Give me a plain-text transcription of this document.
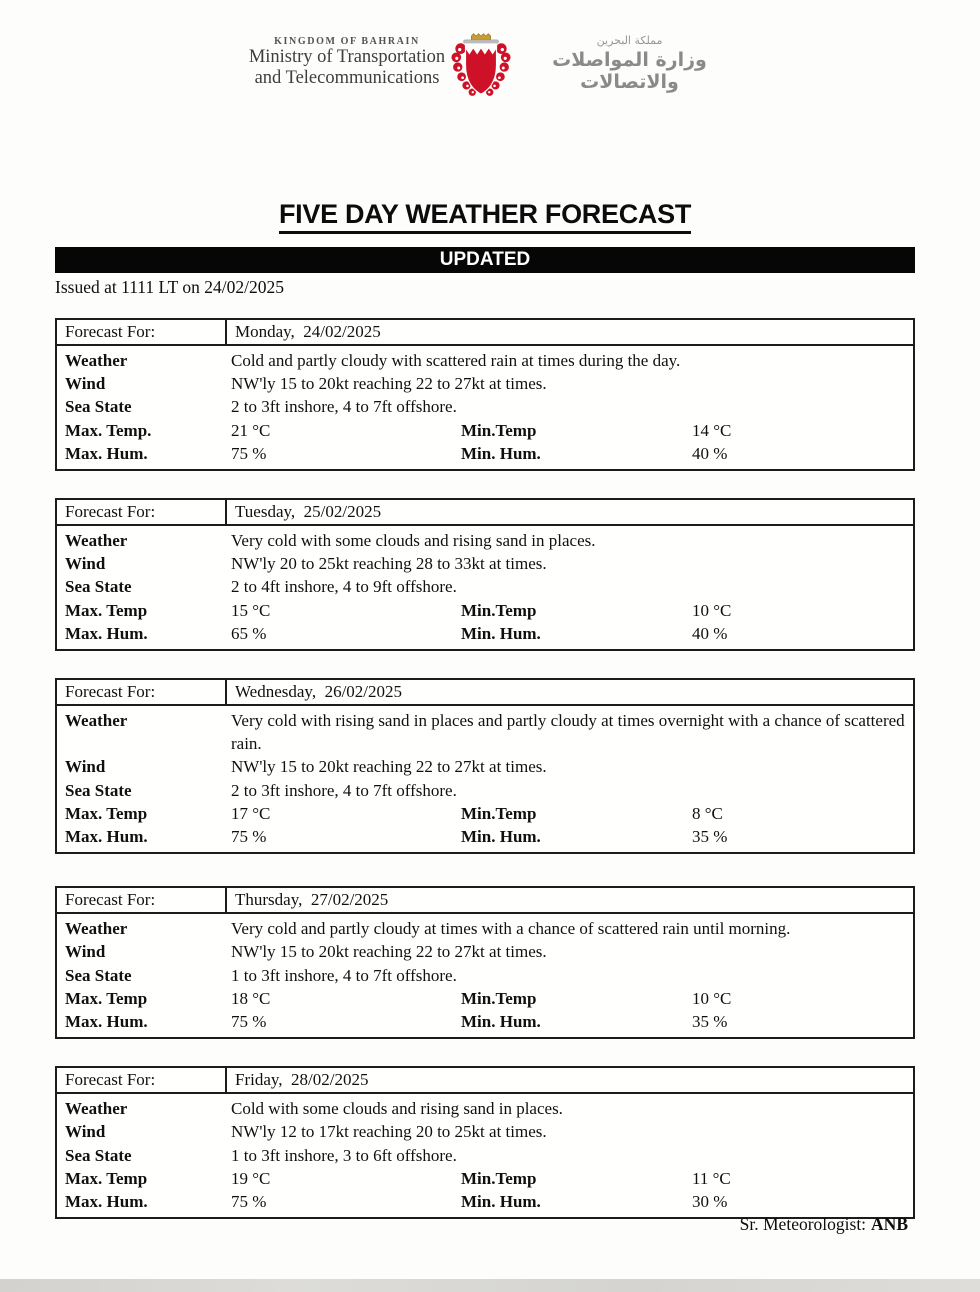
KINGDOM OF BAHRAIN
Ministry of Transportation
and Telecommunications
مملكة البحرين
وزارة المواصلات والاتصالات
FIVE DAY WEATHER FORECAST
UPDATED
Issued at 1111 LT on 24/02/2025
Forecast For:	Monday,  24/02/2025
Weather	Cold and partly cloudy with scattered rain at times during the day.
Wind	NW'ly 15 to 20kt reaching 22 to 27kt at times.
Sea State	2 to 3ft inshore, 4 to 7ft offshore.
Max. Temp.	21 °C	Min.Temp	14 °C
Max. Hum.	75 %	Min. Hum.	40 %
Forecast For:	Tuesday,  25/02/2025
Weather	Very cold with some clouds and rising sand in places.
Wind	NW'ly 20 to 25kt reaching 28 to 33kt at times.
Sea State	2 to 4ft inshore, 4 to 9ft offshore.
Max. Temp	15 °C	Min.Temp	10 °C
Max. Hum.	65 %	Min. Hum.	40 %
Forecast For:	Wednesday,  26/02/2025
Weather	Very cold with rising sand in places and partly cloudy at times overnight with a chance of scattered rain.
Wind	NW'ly 15 to 20kt reaching 22 to 27kt at times.
Sea State	2 to 3ft inshore, 4 to 7ft offshore.
Max. Temp	17 °C	Min.Temp	8 °C
Max. Hum.	75 %	Min. Hum.	35 %
Forecast For:	Thursday,  27/02/2025
Weather	Very cold and partly cloudy at times with a chance of scattered rain until morning.
Wind	NW'ly 15 to 20kt reaching 22 to 27kt at times.
Sea State	1 to 3ft inshore, 4 to 7ft offshore.
Max. Temp	18 °C	Min.Temp	10 °C
Max. Hum.	75 %	Min. Hum.	35 %
Forecast For:	Friday,  28/02/2025
Weather	Cold with some clouds and rising sand in places.
Wind	NW'ly 12 to 17kt reaching 20 to 25kt at times.
Sea State	1 to 3ft inshore, 3 to 6ft offshore.
Max. Temp	19 °C	Min.Temp	11 °C
Max. Hum.	75 %	Min. Hum.	30 %
Sr. Meteorologist: ANB
